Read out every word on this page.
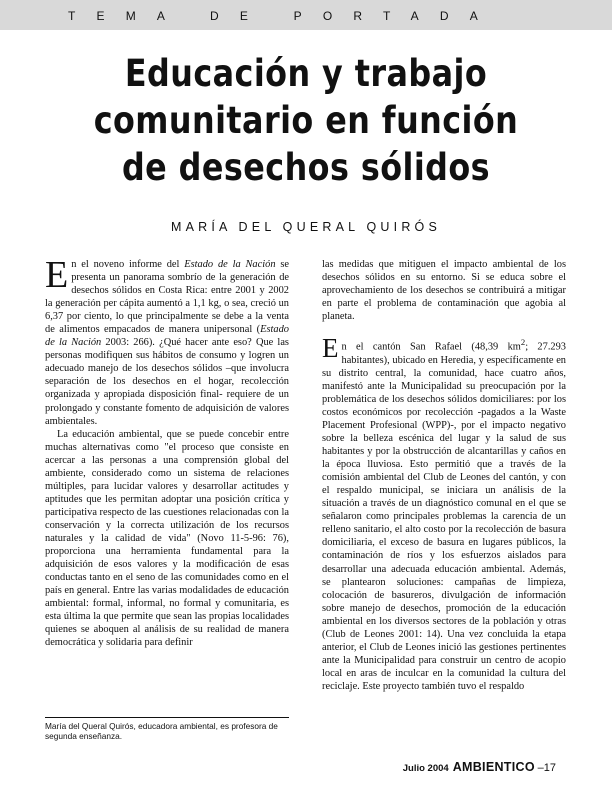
TEMA DE PORTADA
Educación y trabajo comunitario en función de desechos sólidos
MARÍA DEL QUERAL QUIRÓS

En el noveno informe del Estado de la Nación se presenta un panorama sombrío de la generación de desechos sólidos en Costa Rica: entre 2001 y 2002 la generación per cápita aumentó a 1,1 kg, o sea, creció un 6,37 por ciento, lo que principalmente se debe a la venta de alimentos empacados de manera unipersonal (Estado de la Nación 2003: 266). ¿Qué hacer ante eso? Que las personas modifiquen sus hábitos de consumo y logren un adecuado manejo de los desechos sólidos –que involucra separación de los desechos en el hogar, recolección organizada y apropiada disposición final- requiere de un prolongado y constante fomento de adquisición de valores ambientales.

La educación ambiental, que se puede concebir entre muchas alternativas como "el proceso que consiste en acercar a las personas a una comprensión global del ambiente, considerado como un sistema de relaciones múltiples, para lucidar valores y desarrollar actitudes y aptitudes que les permitan adoptar una posición crítica y participativa respecto de las cuestiones relacionadas con la conservación y la correcta utilización de los recursos naturales y la calidad de vida" (Novo 11-5-96: 76), proporciona una herramienta fundamental para la adquisición de esos valores y la modificación de esas conductas tanto en el seno de las comunidades como en el país en general. Entre las varias modalidades de educación ambiental: formal, informal, no formal y comunitaria, es esta última la que permite que sean las propias localidades quienes se aboquen al análisis de su realidad de manera democrática y solidaria para definir

las medidas que mitiguen el impacto ambiental de los desechos sólidos en su entorno. Si se educa sobre el aprovechamiento de los desechos se contribuirá a mitigar en parte el problema de contaminación que agobia al planeta.

En el cantón San Rafael (48,39 $km^2$; 27.293 habitantes), ubicado en Heredia, y específicamente en su distrito central, la comunidad, hace cuatro años, manifestó ante la Municipalidad su preocupación por la problemática de los desechos sólidos domiciliares: por los costos económicos por recolección -pagados a la Waste Placement Profesional (WPP)-, por el impacto negativo sobre la belleza escénica del lugar y la salud de sus habitantes y por la obstrucción de alcantarillas y caños en la época lluviosa. Esto permitió que a través de la comisión ambiental del Club de Leones del cantón, y con el respaldo municipal, se iniciara un análisis de la situación a través de un diagnóstico comunal en el que se señalaron como principales problemas la carencia de un relleno sanitario, el alto costo por la recolección de basura domiciliaria, el exceso de basura en lugares públicos, la contaminación de ríos y los esfuerzos aislados para desarrollar una adecuada educación ambiental. Además, se plantearon soluciones: campañas de limpieza, colocación de basureros, divulgación de información sobre manejo de desechos, promoción de la educación ambiental en los diversos sectores de la población y otras (Club de Leones 2001: 14). Una vez concluida la etapa anterior, el Club de Leones inició las gestiones pertinentes ante la Municipalidad para construir un centro de acopio local en aras de inculcar en la comunidad la cultura del reciclaje. Este proyecto también tuvo el respaldo

María del Queral Quirós, educadora ambiental, es profesora de segunda enseñanza.
Julio 2004 AMBIENTICO –17
